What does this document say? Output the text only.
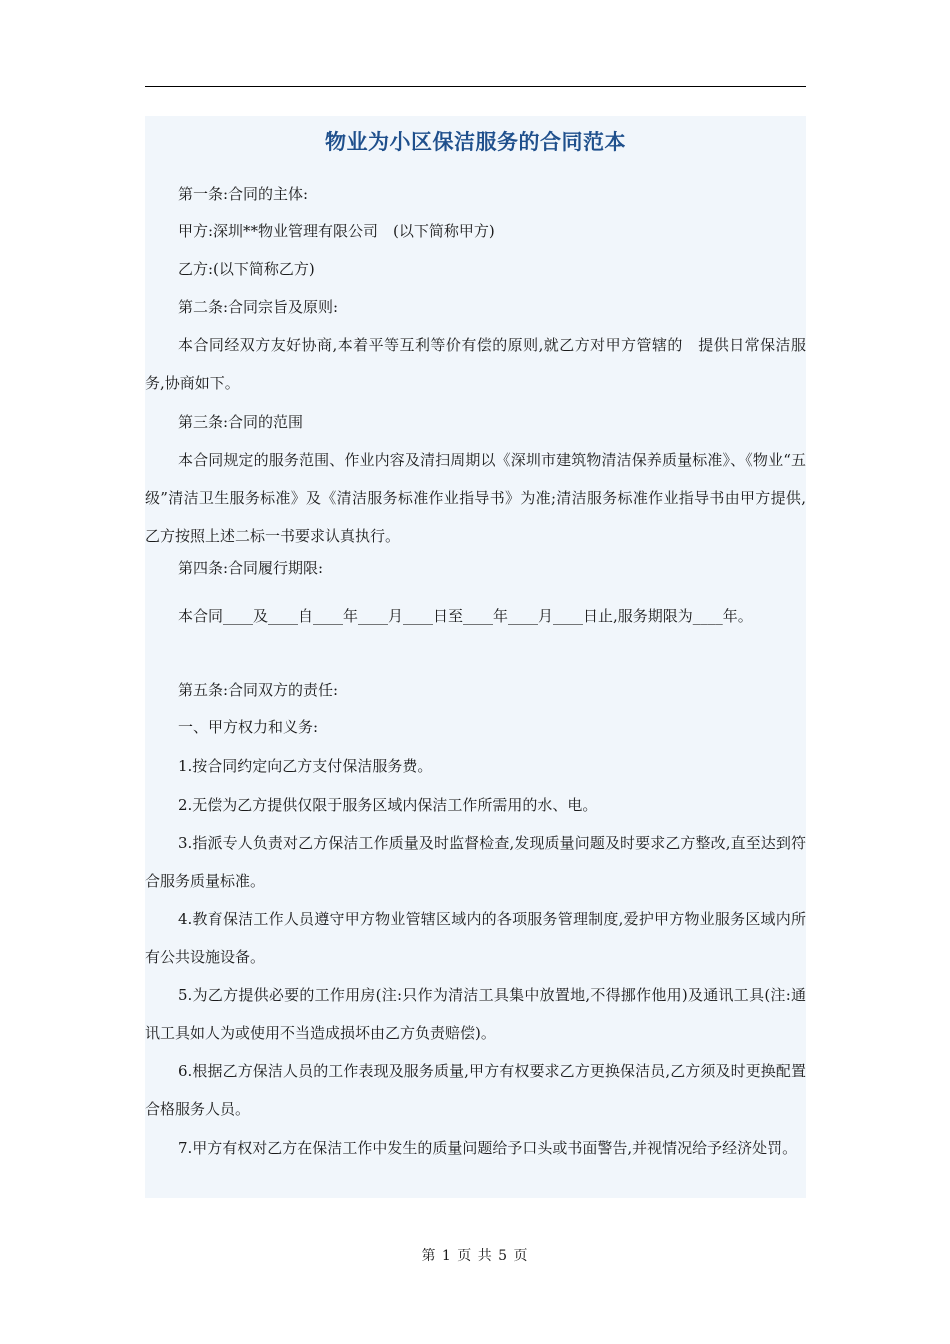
物业为小区保洁服务的合同范本

第一条:合同的主体:

甲方:深圳**物业管理有限公司　(以下简称甲方)

乙方:(以下简称乙方)

第二条:合同宗旨及原则:

本合同经双方友好协商,本着平等互利等价有偿的原则,就乙方对甲方管辖的　提供日常保洁服务,协商如下。

第三条:合同的范围

本合同规定的服务范围、作业内容及清扫周期以《深圳市建筑物清洁保养质量标准》、《物业“五级”清洁卫生服务标准》及《清洁服务标准作业指导书》为准;清洁服务标准作业指导书由甲方提供,乙方按照上述二标一书要求认真执行。

第四条:合同履行期限:

本合同____及____自____年____月____日至____年____月____日止,服务期限为____年。

第五条:合同双方的责任:

一、甲方权力和义务:

1.按合同约定向乙方支付保洁服务费。

2.无偿为乙方提供仅限于服务区域内保洁工作所需用的水、电。

3.指派专人负责对乙方保洁工作质量及时监督检查,发现质量问题及时要求乙方整改,直至达到符合服务质量标准。

4.教育保洁工作人员遵守甲方物业管辖区域内的各项服务管理制度,爱护甲方物业服务区域内所有公共设施设备。

5.为乙方提供必要的工作用房(注:只作为清洁工具集中放置地,不得挪作他用)及通讯工具(注:通讯工具如人为或使用不当造成损坏由乙方负责赔偿)。

6.根据乙方保洁人员的工作表现及服务质量,甲方有权要求乙方更换保洁员,乙方须及时更换配置合格服务人员。

7.甲方有权对乙方在保洁工作中发生的质量问题给予口头或书面警告,并视情况给予经济处罚。

第 1 页 共 5 页
